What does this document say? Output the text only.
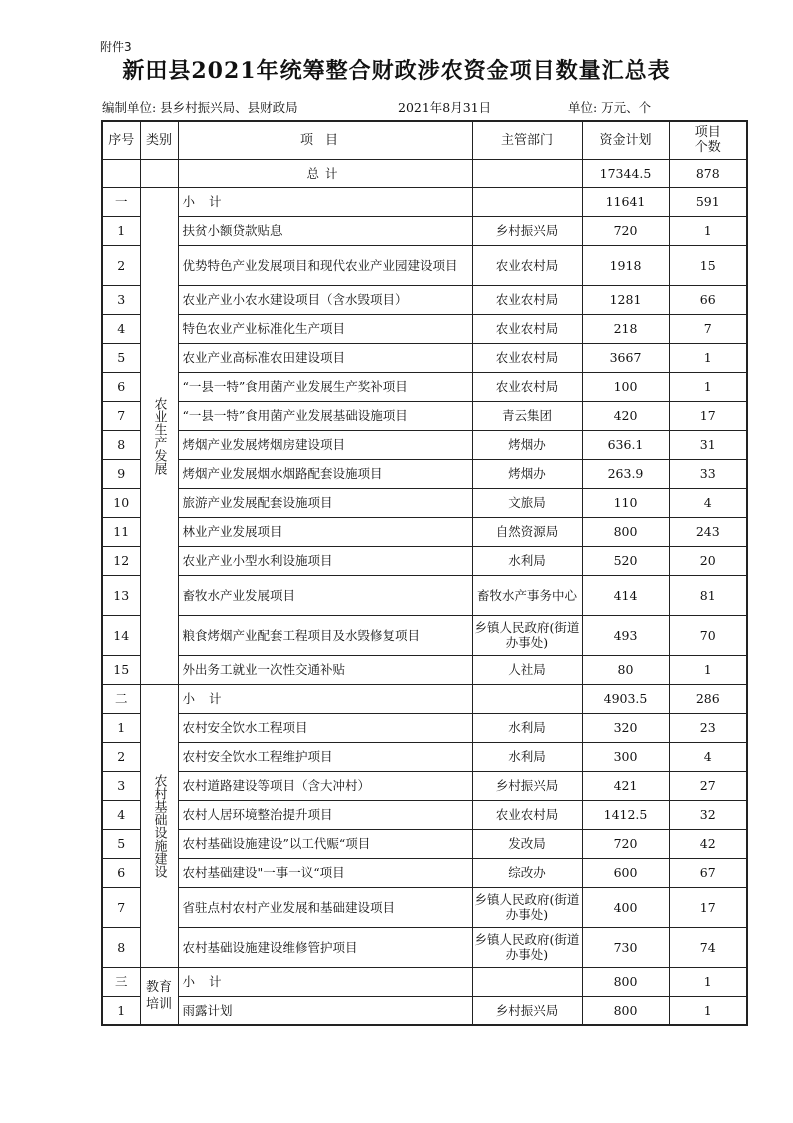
附件3
新田县2021年统筹整合财政涉农资金项目数量汇总表
编制单位: 县乡村振兴局、县财政局	2021年8月31日	单位: 万元、个
序号	类别	项目	主管部门	资金计划	项目
个数

		总计		17344.5	878
一	农业生产发展	小计		11641	591
1		扶贫小额贷款贴息	乡村振兴局	720	1
2		优势特色产业发展项目和现代农业产业园建设项目	农业农村局	1918	15
3		农业产业小农水建设项目（含水毁项目）	农业农村局	1281	66
4		特色农业产业标准化生产项目	农业农村局	218	7
5		农业产业高标准农田建设项目	农业农村局	3667	1
6		“一县一特”食用菌产业发展生产奖补项目	农业农村局	100	1
7		“一县一特”食用菌产业发展基础设施项目	青云集团	420	17
8		烤烟产业发展烤烟房建设项目	烤烟办	636.1	31
9		烤烟产业发展烟水烟路配套设施项目	烤烟办	263.9	33
10		旅游产业发展配套设施项目	文旅局	110	4
11		林业产业发展项目	自然资源局	800	243
12		农业产业小型水利设施项目	水利局	520	20
13		畜牧水产业发展项目	畜牧水产事务中心	414	81
14		粮食烤烟产业配套工程项目及水毁修复项目	乡镇人民政府(街道办事处)	493	70
15		外出务工就业一次性交通补贴	人社局	80	1
二	农村基础设施建设	小计		4903.5	286
1		农村安全饮水工程项目	水利局	320	23
2		农村安全饮水工程维护项目	水利局	300	4
3		农村道路建设等项目（含大冲村）	乡村振兴局	421	27
4		农村人居环境整治提升项目	农业农村局	1412.5	32
5		农村基础设施建设”以工代赈“项目	发改局	720	42
6		农村基础建设"一事一议“项目	综改办	600	67
7		省驻点村农村产业发展和基础建设项目	乡镇人民政府(街道办事处)	400	17
8		农村基础设施建设维修管护项目	乡镇人民政府(街道办事处)	730	74
三	教育培训	小计		800	1
1		雨露计划	乡村振兴局	800	1
